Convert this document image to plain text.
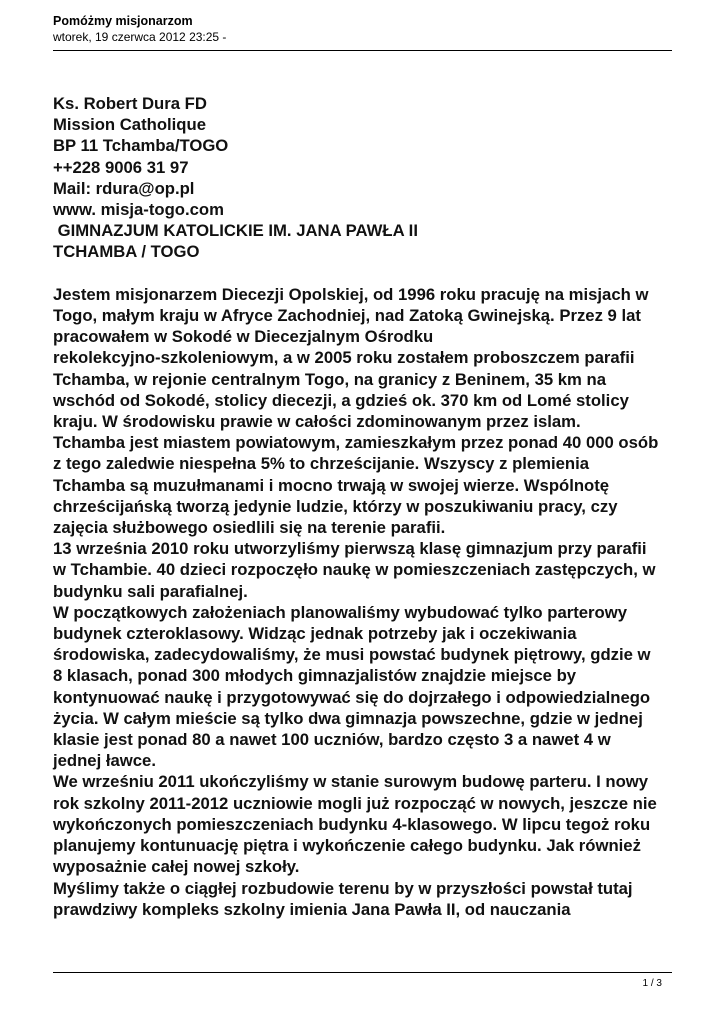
Pomóżmy misjonarzom
wtorek, 19 czerwca 2012 23:25 -
Ks. Robert Dura FD
Mission Catholique
BP 11 Tchamba/TOGO
++228 9006 31 97
Mail: rdura@op.pl
www. misja-togo.com
GIMNAZJUM KATOLICKIE IM. JANA PAWŁA II
TCHAMBA / TOGO
Jestem misjonarzem Diecezji Opolskiej, od 1996 roku pracuję na misjach w
Togo, małym kraju w Afryce Zachodniej, nad Zatoką Gwinejską. Przez 9 lat
pracowałem w Sokodé w Diecezjalnym Ośrodku
rekolekcyjno-szkoleniowym, a w 2005 roku zostałem proboszczem parafii
Tchamba, w rejonie centralnym Togo, na granicy z Beninem, 35 km na
wschód od Sokodé, stolicy diecezji, a gdzieś ok. 370 km od Lomé stolicy
kraju. W środowisku prawie w całości zdominowanym przez islam.
Tchamba jest miastem powiatowym, zamieszkałym przez ponad 40 000 osób
z tego zaledwie niespełna 5% to chrześcijanie. Wszyscy z plemienia
Tchamba są muzułmanami i mocno trwają w swojej wierze. Wspólnotę
chrześcijańską tworzą jedynie ludzie, którzy w poszukiwaniu pracy, czy
zajęcia służbowego osiedlili się na terenie parafii.
13 września 2010 roku utworzyliśmy pierwszą klasę gimnazjum przy parafii
w Tchambie. 40 dzieci rozpoczęło naukę w pomieszczeniach zastępczych, w
budynku sali parafialnej.
W początkowych założeniach planowaliśmy wybudować tylko parterowy
budynek czteroklasowy. Widząc jednak potrzeby jak i oczekiwania
środowiska, zadecydowaliśmy, że musi powstać budynek piętrowy, gdzie w
8 klasach, ponad 300 młodych gimnazjalistów znajdzie miejsce by
kontynuować naukę i przygotowywać się do dojrzałego i odpowiedzialnego
życia. W całym mieście są tylko dwa gimnazja powszechne, gdzie w jednej
klasie jest ponad 80 a nawet 100 uczniów, bardzo często 3 a nawet 4 w
jednej ławce.
We wrześniu 2011 ukończyliśmy w stanie surowym budowę parteru. I nowy
rok szkolny 2011-2012 uczniowie mogli już rozpocząć w nowych, jeszcze nie
wykończonych pomieszczeniach budynku 4-klasowego. W lipcu tegoż roku
planujemy kontunuację piętra i wykończenie całego budynku. Jak również
wyposażnie całej nowej szkoły.
Myślimy także o ciągłej rozbudowie terenu by w przyszłości powstał tutaj
prawdziwy kompleks szkolny imienia Jana Pawła II, od nauczania
1 / 3
